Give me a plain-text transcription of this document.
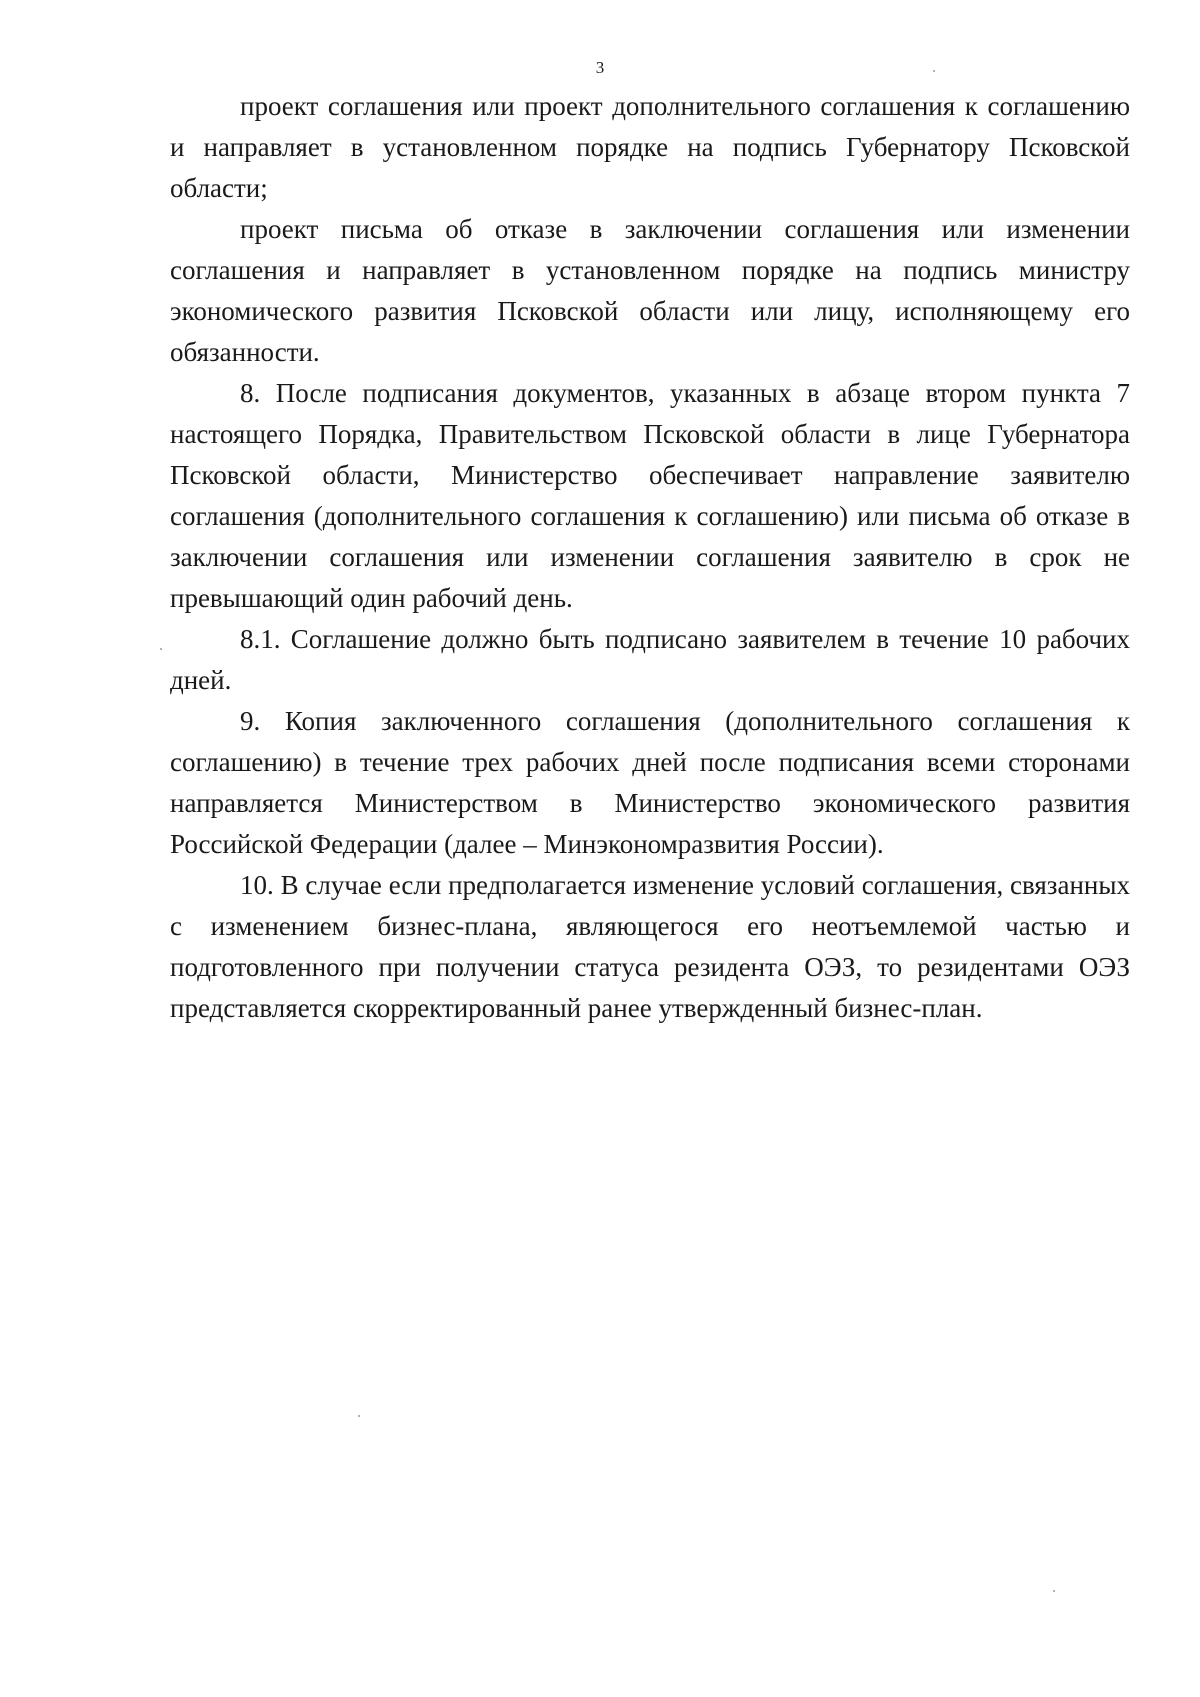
3

проект соглашения или проект дополнительного соглашения к соглашению и направляет в установленном порядке на подпись Губернатору Псковской области;

проект письма об отказе в заключении соглашения или изменении соглашения и направляет в установленном порядке на подпись министру экономического развития Псковской области или лицу, исполняющему его обязанности.

8. После подписания документов, указанных в абзаце втором пункта 7 настоящего Порядка, Правительством Псковской области в лице Губернатора Псковской области, Министерство обеспечивает направление заявителю соглашения (дополнительного соглашения к соглашению) или письма об отказе в заключении соглашения или изменении соглашения заявителю в срок не превышающий один рабочий день.

8.1. Соглашение должно быть подписано заявителем в течение 10 рабочих дней.

9. Копия заключенного соглашения (дополнительного соглашения к соглашению) в течение трех рабочих дней после подписания всеми сторонами направляется Министерством в Министерство экономического развития Российской Федерации (далее – Минэкономразвития России).

10. В случае если предполагается изменение условий соглашения, связанных с изменением бизнес-плана, являющегося его неотъемлемой частью и подготовленного при получении статуса резидента ОЭЗ, то резидентами ОЭЗ представляется скорректированный ранее утвержденный бизнес-план.
